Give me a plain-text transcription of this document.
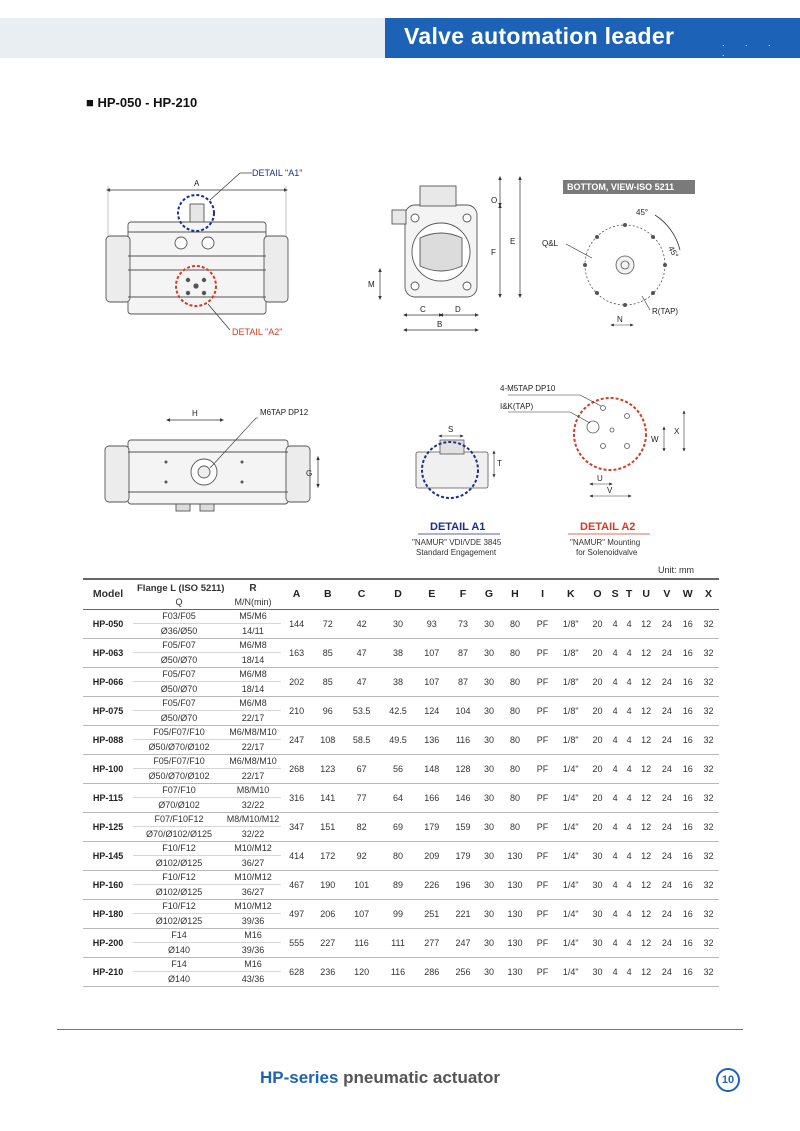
Valve automation leader	. . . .
■ HP-050 - HP-210
A
DETAIL "A1"
DETAIL "A2"
O
F
E
M
C	D
B
BOTTOM, VIEW-ISO 5211
45°
45°
Q&L
R(TAP)
N
H
G
M6TAP DP12
S
T
DETAIL A1
"NAMUR" VDI/VDE 3845
Standard Engagement
4-M5TAP DP10
I&K(TAP)
W
X
U
V
DETAIL A2
"NAMUR" Mounting
for Solenoidvalve
Unit: mm
Model	Flange L (ISO 5211)	R	A	B	C	D	E	F	G	H	I	K	O	S	T	U	V	W	X
	Q	M/N(min)																	
HP-050	F03/F05	M5/M6	144	72	42	30	93	73	30	80	PF	1/8"	20	4	4	12	24	16	32
	Ø36/Ø50	14/11																	
HP-063	F05/F07	M6/M8	163	85	47	38	107	87	30	80	PF	1/8"	20	4	4	12	24	16	32
	Ø50/Ø70	18/14																	
HP-066	F05/F07	M6/M8	202	85	47	38	107	87	30	80	PF	1/8"	20	4	4	12	24	16	32
	Ø50/Ø70	18/14																	
HP-075	F05/F07	M6/M8	210	96	53.5	42.5	124	104	30	80	PF	1/8"	20	4	4	12	24	16	32
	Ø50/Ø70	22/17																	
HP-088	F05/F07/F10	M6/M8/M10	247	108	58.5	49.5	136	116	30	80	PF	1/8"	20	4	4	12	24	16	32
	Ø50/Ø70/Ø102	22/17																	
HP-100	F05/F07/F10	M6/M8/M10	268	123	67	56	148	128	30	80	PF	1/4"	20	4	4	12	24	16	32
	Ø50/Ø70/Ø102	22/17																	
HP-115	F07/F10	M8/M10	316	141	77	64	166	146	30	80	PF	1/4"	20	4	4	12	24	16	32
	Ø70/Ø102	32/22																	
HP-125	F07/F10F12	M8/M10/M12	347	151	82	69	179	159	30	80	PF	1/4"	20	4	4	12	24	16	32
	Ø70/Ø102/Ø125	32/22																	
HP-145	F10/F12	M10/M12	414	172	92	80	209	179	30	130	PF	1/4"	30	4	4	12	24	16	32
	Ø102/Ø125	36/27																	
HP-160	F10/F12	M10/M12	467	190	101	89	226	196	30	130	PF	1/4"	30	4	4	12	24	16	32
	Ø102/Ø125	36/27																	
HP-180	F10/F12	M10/M12	497	206	107	99	251	221	30	130	PF	1/4"	30	4	4	12	24	16	32
	Ø102/Ø125	39/36																	
HP-200	F14	M16	555	227	116	111	277	247	30	130	PF	1/4"	30	4	4	12	24	16	32
	Ø140	39/36																	
HP-210	F14	M16	628	236	120	116	286	256	30	130	PF	1/4"	30	4	4	12	24	16	32
	Ø140	43/36																	
HP-series pneumatic actuator	10
